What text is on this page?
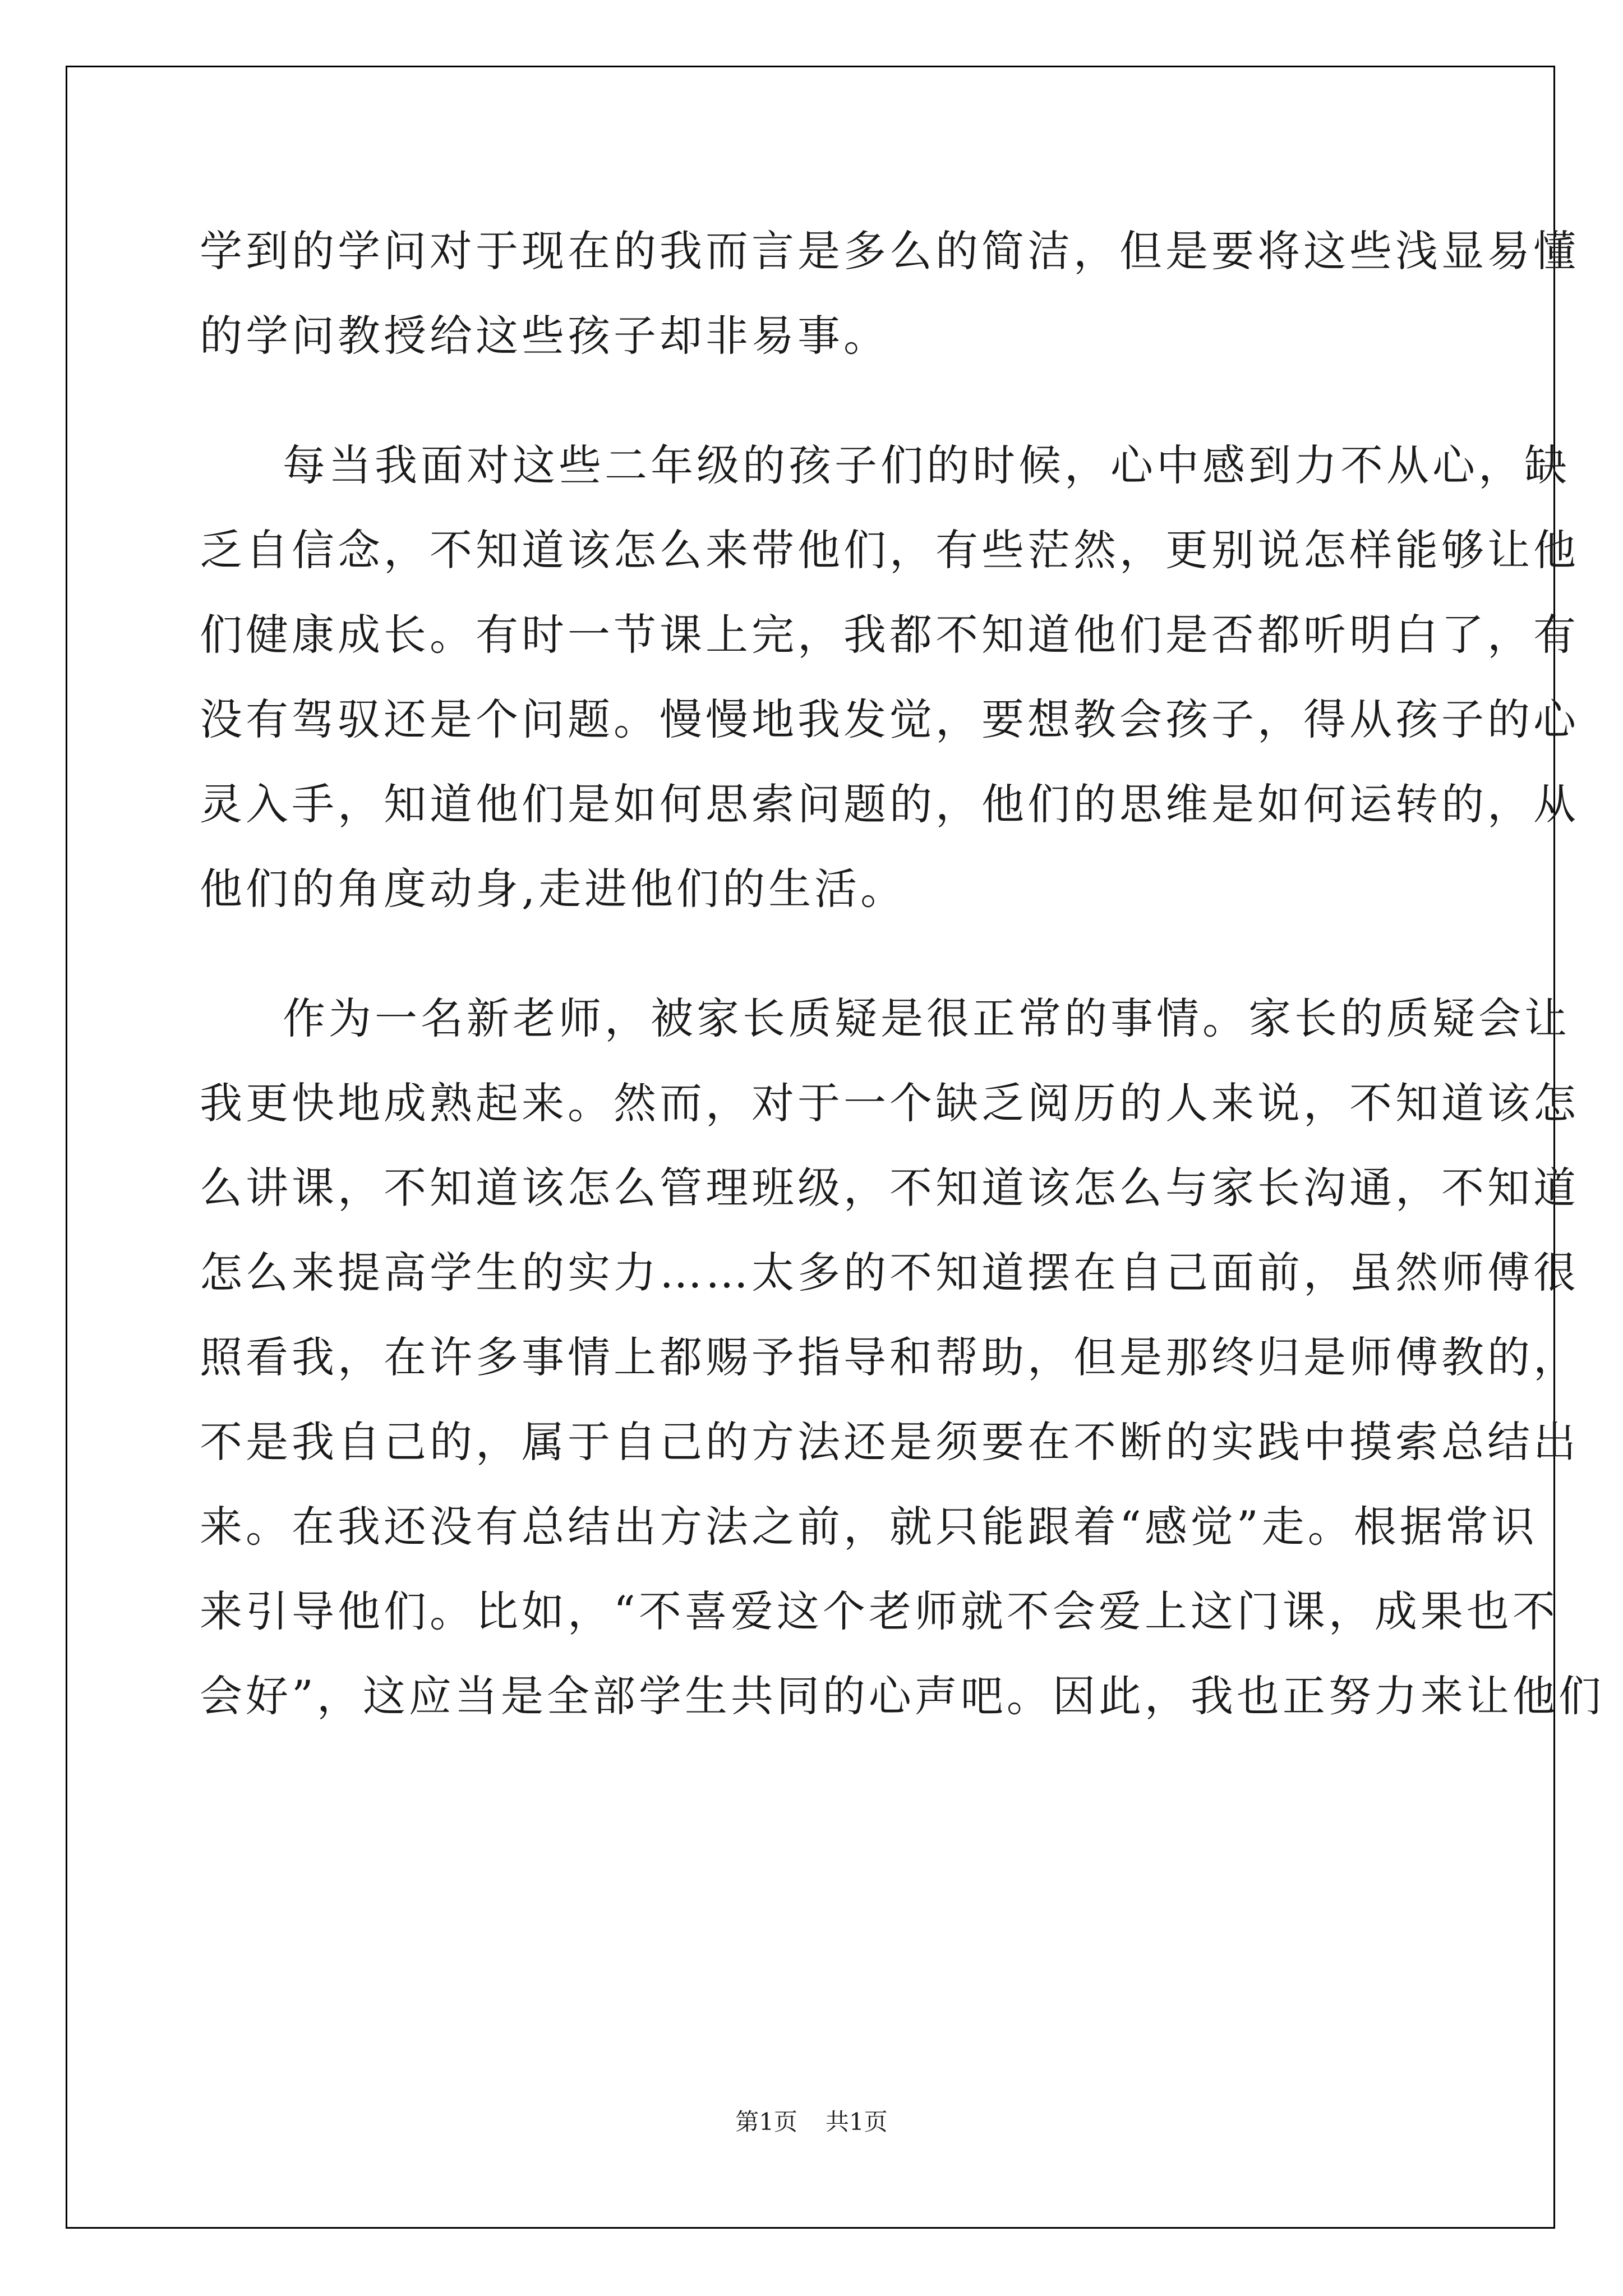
学到的学问对于现在的我而言是多么的简洁，但是要将这些浅显易懂
的学问教授给这些孩子却非易事。
每当我面对这些二年级的孩子们的时候，心中感到力不从心，缺
乏自信念，不知道该怎么来带他们，有些茫然，更别说怎样能够让他
们健康成长。有时一节课上完，我都不知道他们是否都听明白了，有
没有驾驭还是个问题。慢慢地我发觉，要想教会孩子，得从孩子的心
灵入手，知道他们是如何思索问题的，他们的思维是如何运转的，从
他们的角度动身,走进他们的生活。
作为一名新老师，被家长质疑是很正常的事情。家长的质疑会让
我更快地成熟起来。然而，对于一个缺乏阅历的人来说，不知道该怎
么讲课，不知道该怎么管理班级，不知道该怎么与家长沟通，不知道
怎么来提高学生的实力……太多的不知道摆在自己面前，虽然师傅很
照看我，在许多事情上都赐予指导和帮助，但是那终归是师傅教的，
不是我自己的，属于自己的方法还是须要在不断的实践中摸索总结出
来。在我还没有总结出方法之前，就只能跟着“感觉”走。根据常识
来引导他们。比如，“不喜爱这个老师就不会爱上这门课，成果也不
会好”，这应当是全部学生共同的心声吧。因此，我也正努力来让他们
第1页 共1页
